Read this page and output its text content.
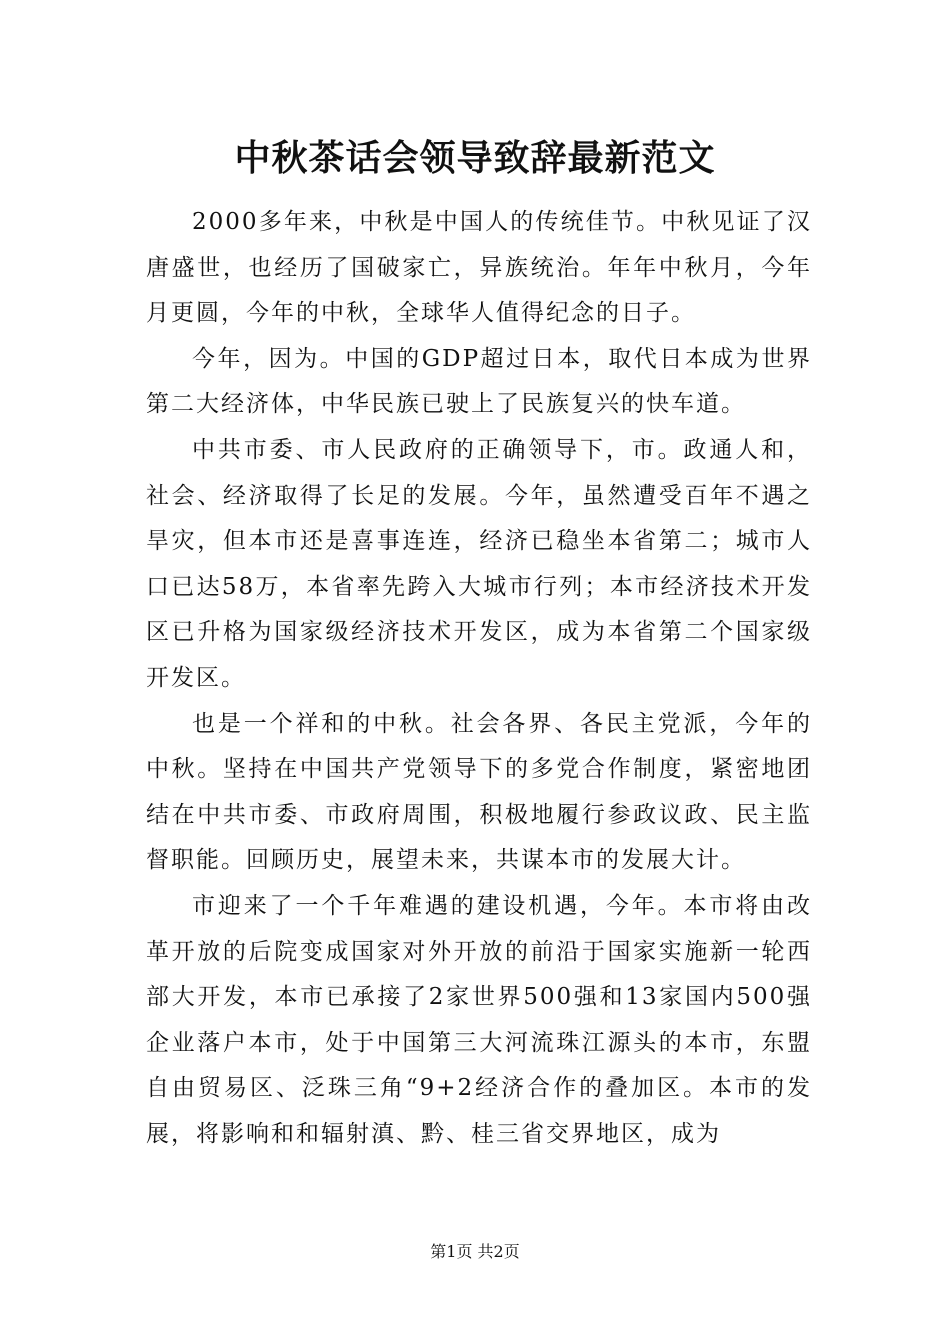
中秋茶话会领导致辞最新范文

2000多年来，中秋是中国人的传统佳节。中秋见证了汉唐盛世，也经历了国破家亡，异族统治。年年中秋月，今年月更圆，今年的中秋，全球华人值得纪念的日子。

今年，因为。中国的GDP超过日本，取代日本成为世界第二大经济体，中华民族已驶上了民族复兴的快车道。

中共市委、市人民政府的正确领导下，市。政通人和，社会、经济取得了长足的发展。今年，虽然遭受百年不遇之旱灾，但本市还是喜事连连，经济已稳坐本省第二；城市人口已达58万，本省率先跨入大城市行列；本市经济技术开发区已升格为国家级经济技术开发区，成为本省第二个国家级开发区。

也是一个祥和的中秋。社会各界、各民主党派，今年的中秋。坚持在中国共产党领导下的多党合作制度，紧密地团结在中共市委、市政府周围，积极地履行参政议政、民主监督职能。回顾历史，展望未来，共谋本市的发展大计。

市迎来了一个千年难遇的建设机遇，今年。本市将由改革开放的后院变成国家对外开放的前沿于国家实施新一轮西部大开发，本市已承接了2家世界500强和13家国内500强企业落户本市，处于中国第三大河流珠江源头的本市，东盟自由贸易区、泛珠三角“9+2经济合作的叠加区。本市的发展，将影响和和辐射滇、黔、桂三省交界地区，成为

第1页 共2页
